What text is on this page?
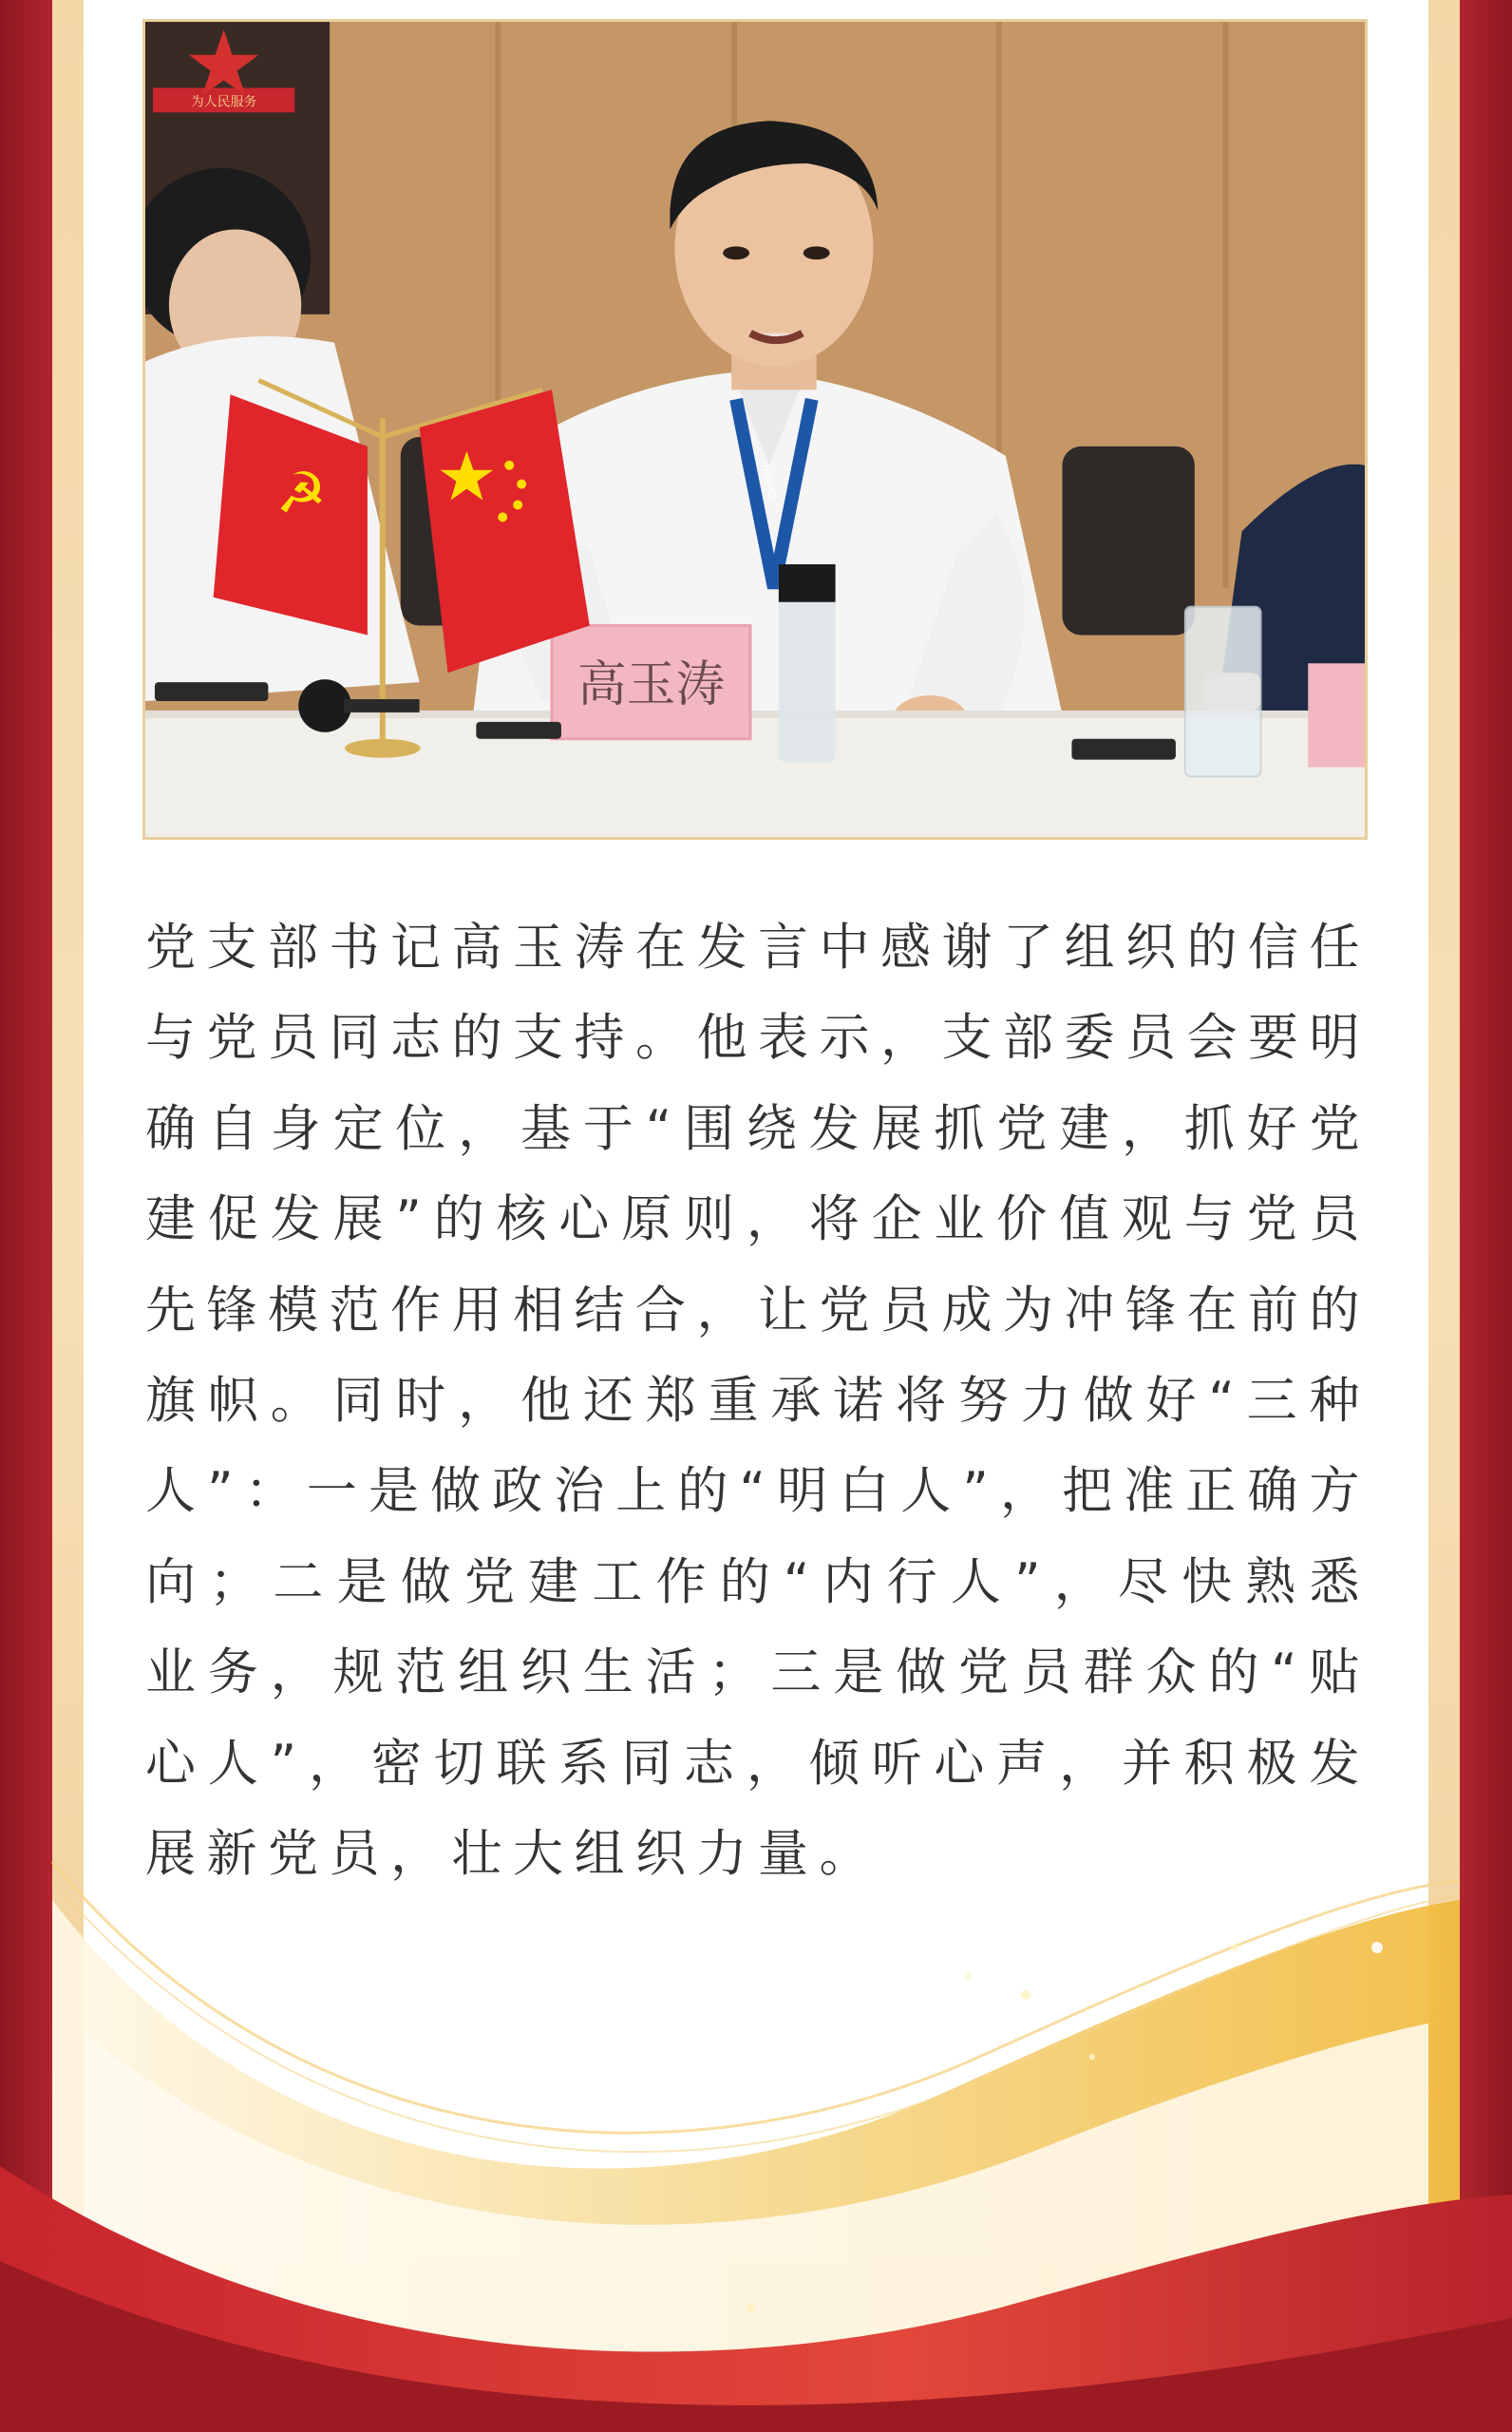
为人民服务
DECHO
高玉涛
☭
党支部书记高玉涛在发言中感谢了组织的信任与党员同志的支持。他表示，支部委员会要明确自身定位，基于“围绕发展抓党建，抓好党建促发展”的核心原则，将企业价值观与党员先锋模范作用相结合，让党员成为冲锋在前的旗帜。同时，他还郑重承诺将努力做好“三种人”：一是做政治上的“明白人”，把准正确方向；二是做党建工作的“内行人”，尽快熟悉业务，规范组织生活；三是做党员群众的“贴心人”，密切联系同志，倾听心声，并积极发展新党员，壮大组织力量。
